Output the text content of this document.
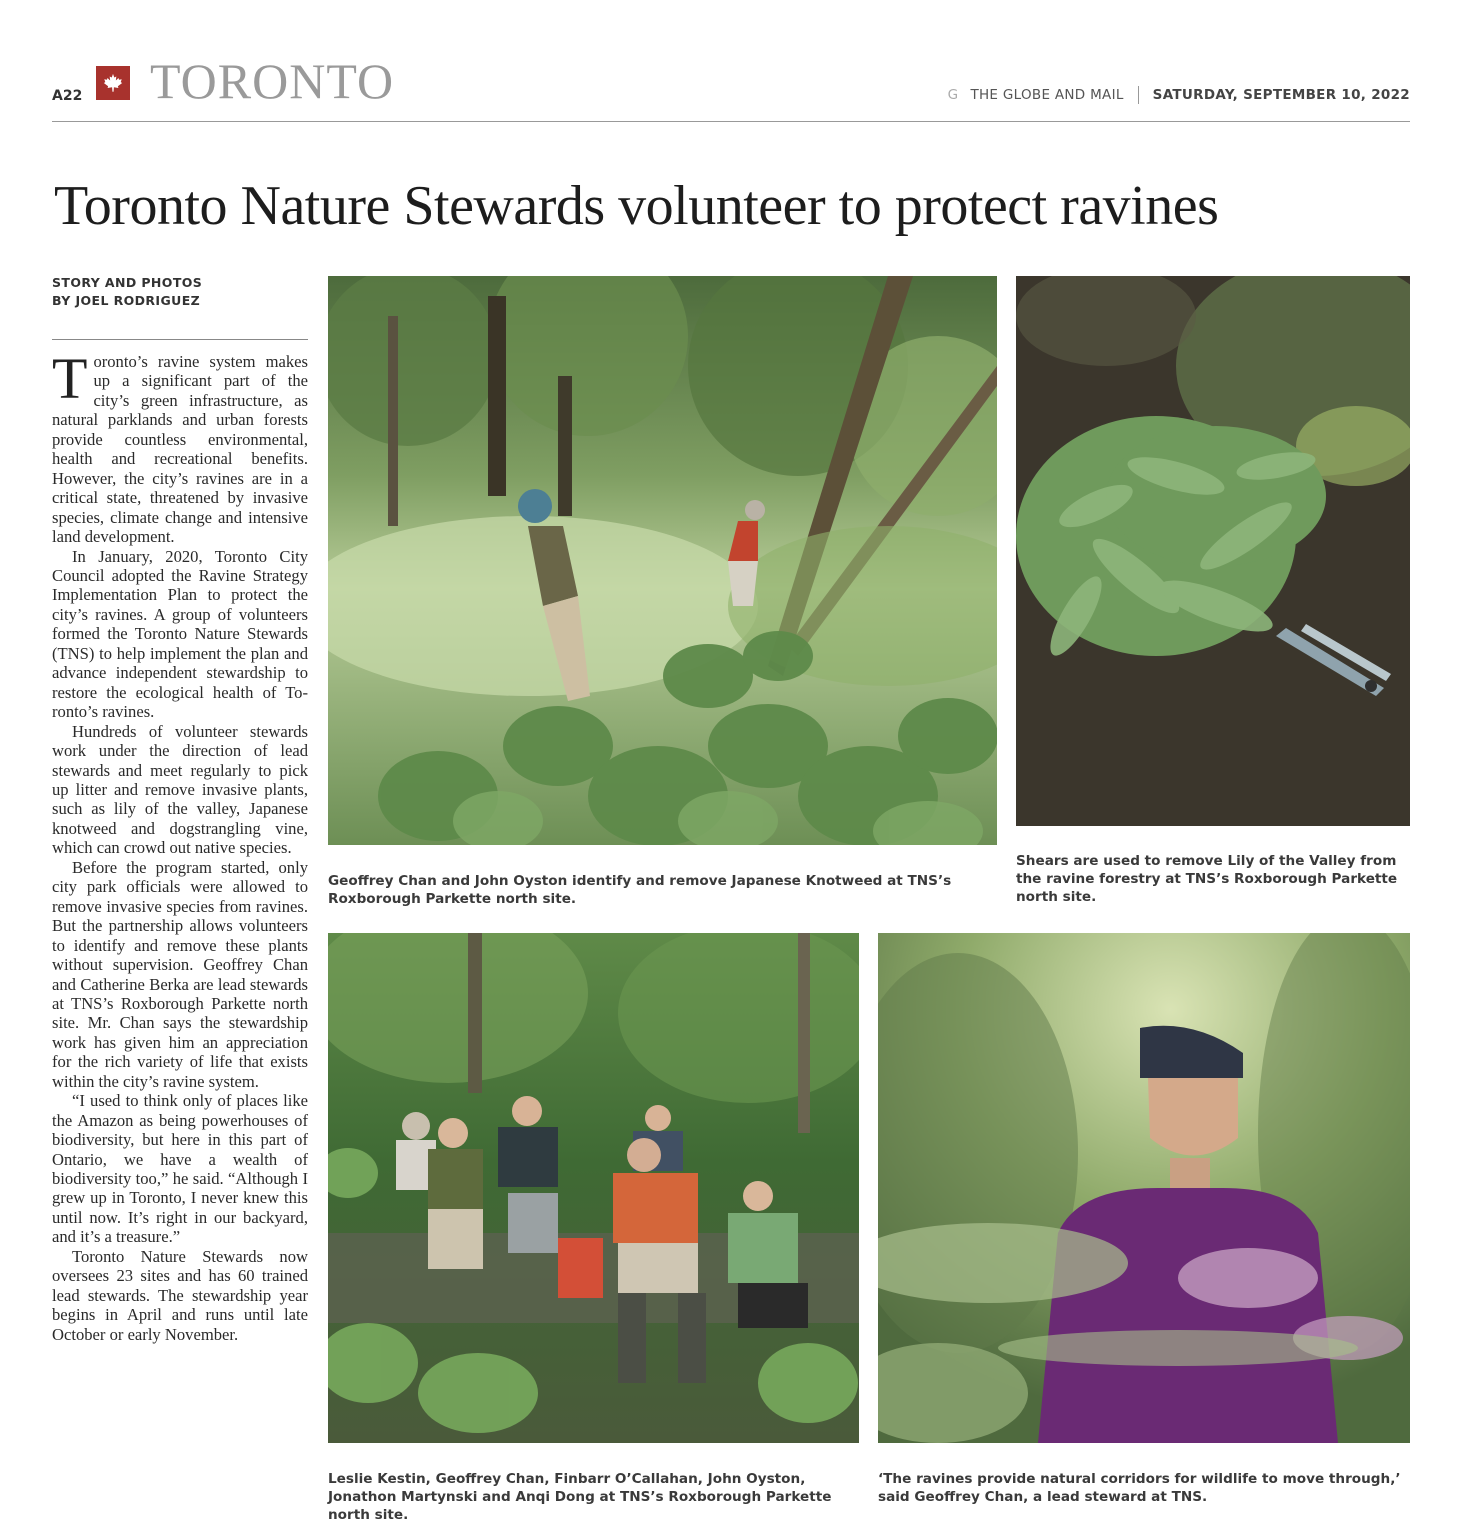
A22 TORONTO	G THE GLOBE AND MAIL SATURDAY, SEPTEMBER 10, 2022
Toronto Nature Stewards volunteer to protect ravines
STORY AND PHOTOS
BY JOEL RODRIGUEZ

Toronto’s ravine system makes up a significant part of the city’s green infrastructure, as natural parklands and urban forests provide countless environmental, health and recreational benefits. However, the city’s ravines are in a critical state, threatened by invasive species, climate change and intensive land development.

In January, 2020, Toronto City Council adopted the Ravine Strategy Implementation Plan to protect the city’s ravines. A group of volunteers formed the Toronto Nature Stewards (TNS) to help implement the plan and advance independent stewardship to restore the ecological health of Toronto’s ravines.

Hundreds of volunteer stewards work under the direction of lead stewards and meet regularly to pick up litter and remove invasive plants, such as lily of the valley, Japanese knotweed and dogstrangling vine, which can crowd out native species.

Before the program started, only city park officials were allowed to remove invasive species from ravines. But the partnership allows volunteers to identify and remove these plants without supervision. Geoffrey Chan and Catherine Berka are lead stewards at TNS’s Roxborough Parkette north site. Mr. Chan says the stewardship work has given him an appreciation for the rich variety of life that exists within the city’s ravine system.

“I used to think only of places like the Amazon as being powerhouses of biodiversity, but here in this part of Ontario, we have a wealth of biodiversity too,” he said. “Although I grew up in Toronto, I never knew this until now. It’s right in our backyard, and it’s a treasure.”

Toronto Nature Stewards now oversees 23 sites and has 60 trained lead stewards. The stewardship year begins in April and runs until late October or early November.

Geoffrey Chan and John Oyston identify and remove Japanese Knotweed at TNS’s Roxborough Parkette north site.

Shears are used to remove Lily of the Valley from the ravine forestry at TNS’s Roxborough Parkette north site.

Leslie Kestin, Geoffrey Chan, Finbarr O’Callahan, John Oyston, Jonathon Martynski and Anqi Dong at TNS’s Roxborough Parkette north site.

‘The ravines provide natural corridors for wildlife to move through,’ said Geoffrey Chan, a lead steward at TNS.
